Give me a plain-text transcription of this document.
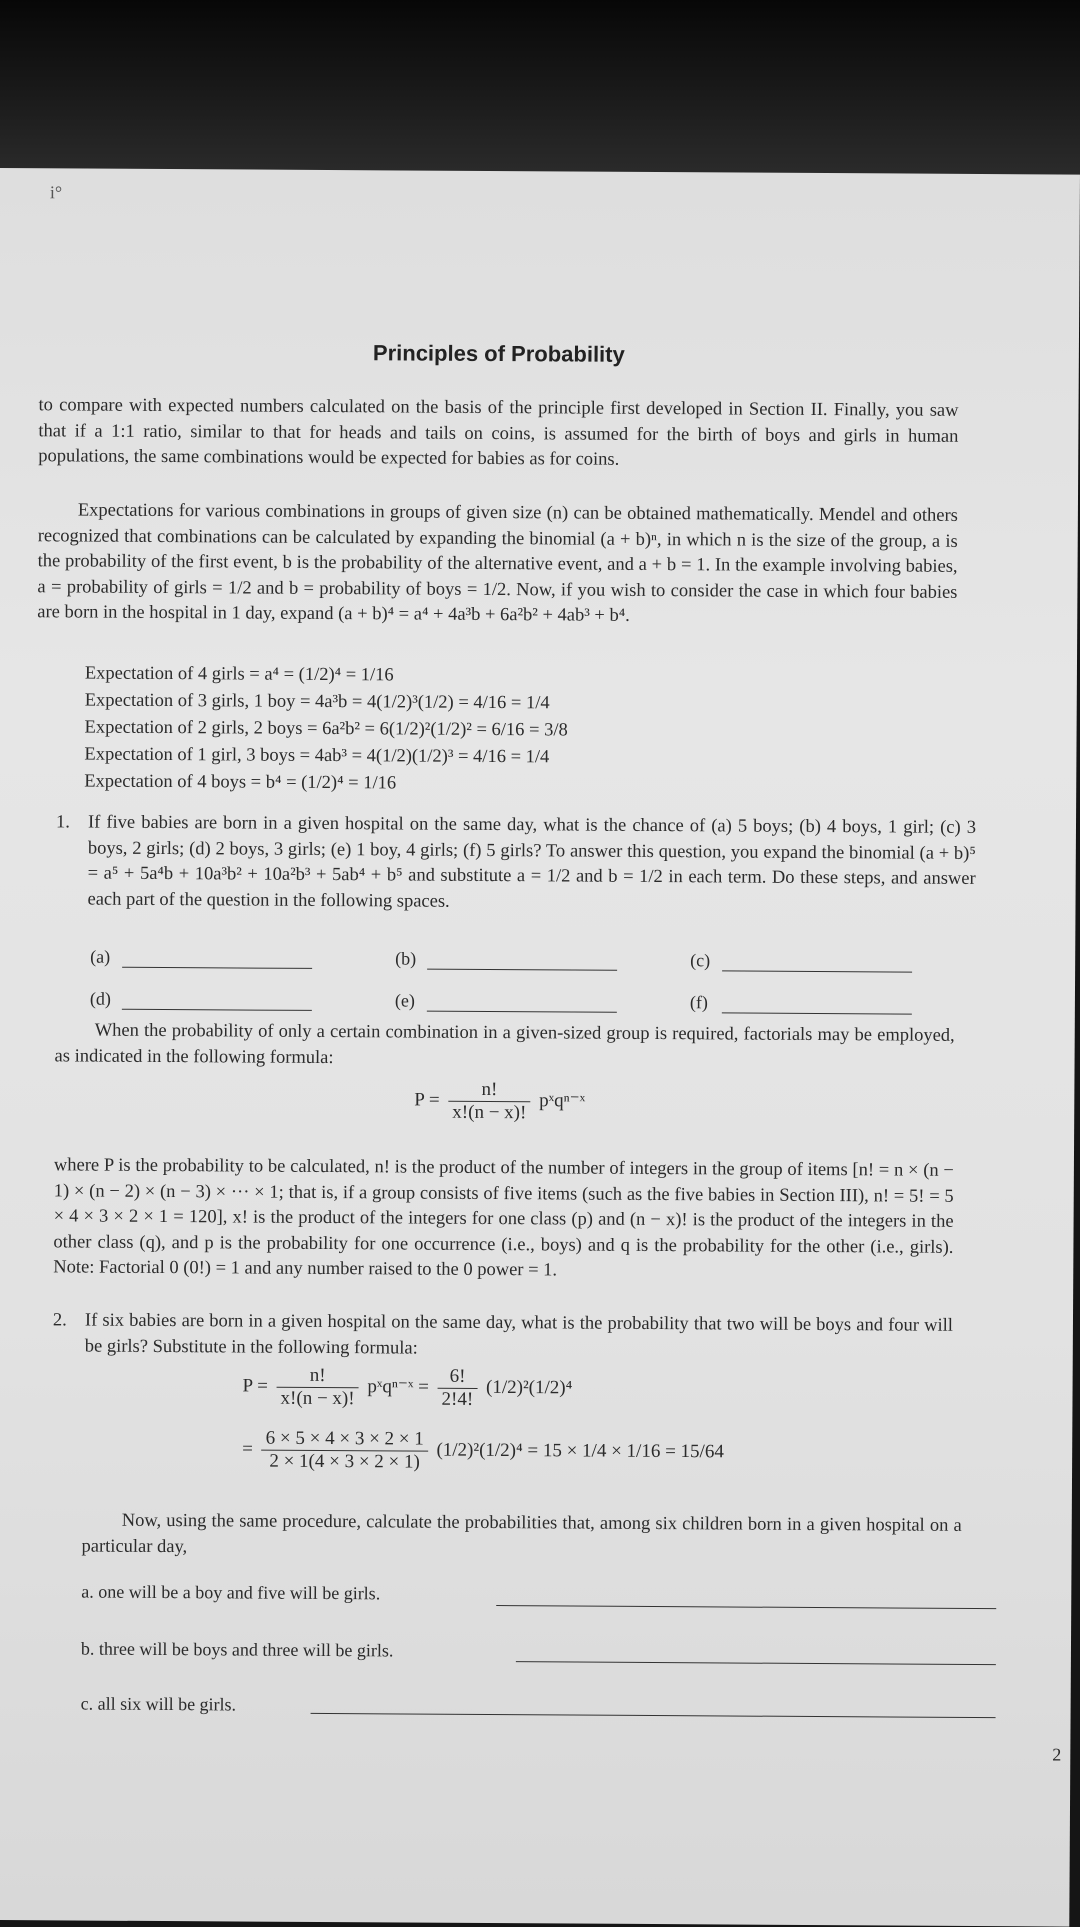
i°
Principles of Probability
to compare with expected numbers calculated on the basis of the principle first developed in Section II. Finally, you saw that if a 1:1 ratio, similar to that for heads and tails on coins, is assumed for the birth of boys and girls in human populations, the same combinations would be expected for babies as for coins.
Expectations for various combinations in groups of given size (n) can be obtained mathematically. Mendel and others recognized that combinations can be calculated by expanding the binomial (a + b)ⁿ, in which n is the size of the group, a is the probability of the first event, b is the probability of the alternative event, and a + b = 1. In the example involving babies, a = probability of girls = 1/2 and b = probability of boys = 1/2. Now, if you wish to consider the case in which four babies are born in the hospital in 1 day, expand (a + b)⁴ = a⁴ + 4a³b + 6a²b² + 4ab³ + b⁴.
Expectation of 4 girls = a⁴ = (1/2)⁴ = 1/16
Expectation of 3 girls, 1 boy = 4a³b = 4(1/2)³(1/2) = 4/16 = 1/4
Expectation of 2 girls, 2 boys = 6a²b² = 6(1/2)²(1/2)² = 6/16 = 3/8
Expectation of 1 girl, 3 boys = 4ab³ = 4(1/2)(1/2)³ = 4/16 = 1/4
Expectation of 4 boys = b⁴ = (1/2)⁴ = 1/16
1. If five babies are born in a given hospital on the same day, what is the chance of (a) 5 boys; (b) 4 boys, 1 girl; (c) 3 boys, 2 girls; (d) 2 boys, 3 girls; (e) 1 boy, 4 girls; (f) 5 girls? To answer this question, you expand the binomial (a + b)⁵ = a⁵ + 5a⁴b + 10a³b² + 10a²b³ + 5ab⁴ + b⁵ and substitute a = 1/2 and b = 1/2 in each term. Do these steps, and answer each part of the question in the following spaces.
(a)	(b)	(c)
(d)	(e)	(f)
When the probability of only a certain combination in a given-sized group is required, factorials may be employed, as indicated in the following formula:
$P = \frac{n!}{x!(n - x)!}$ pˣqⁿ⁻ˣ
where P is the probability to be calculated, n! is the product of the number of integers in the group of items [n! = n × (n − 1) × (n − 2) × (n − 3) × ··· × 1; that is, if a group consists of five items (such as the five babies in Section III), n! = 5! = 5 × 4 × 3 × 2 × 1 = 120], x! is the product of the integers for one class (p) and (n − x)! is the product of the integers in the other class (q), and p is the probability for one occurrence (i.e., boys) and q is the probability for the other (i.e., girls). Note: Factorial 0 (0!) = 1 and any number raised to the 0 power = 1.
2. If six babies are born in a given hospital on the same day, what is the probability that two will be boys and four will be girls? Substitute in the following formula:
$P = \frac{n!}{x!(n - x)!}$ pˣqⁿ⁻ˣ = $\frac{6!}{2!4!} (1/2)^2(1/2)^4$
= $\frac{6 \times 5 \times 4 \times 3 \times 2 \times 1}{2 \times 1(4 \times 3 \times 2 \times 1)} (1/2)^2(1/2)^4 = 15 \times 1/4 \times 1/16 = 15/64$
Now, using the same procedure, calculate the probabilities that, among six children born in a given hospital on a particular day,
a. one will be a boy and five will be girls.
b. three will be boys and three will be girls.
c. all six will be girls.
2
